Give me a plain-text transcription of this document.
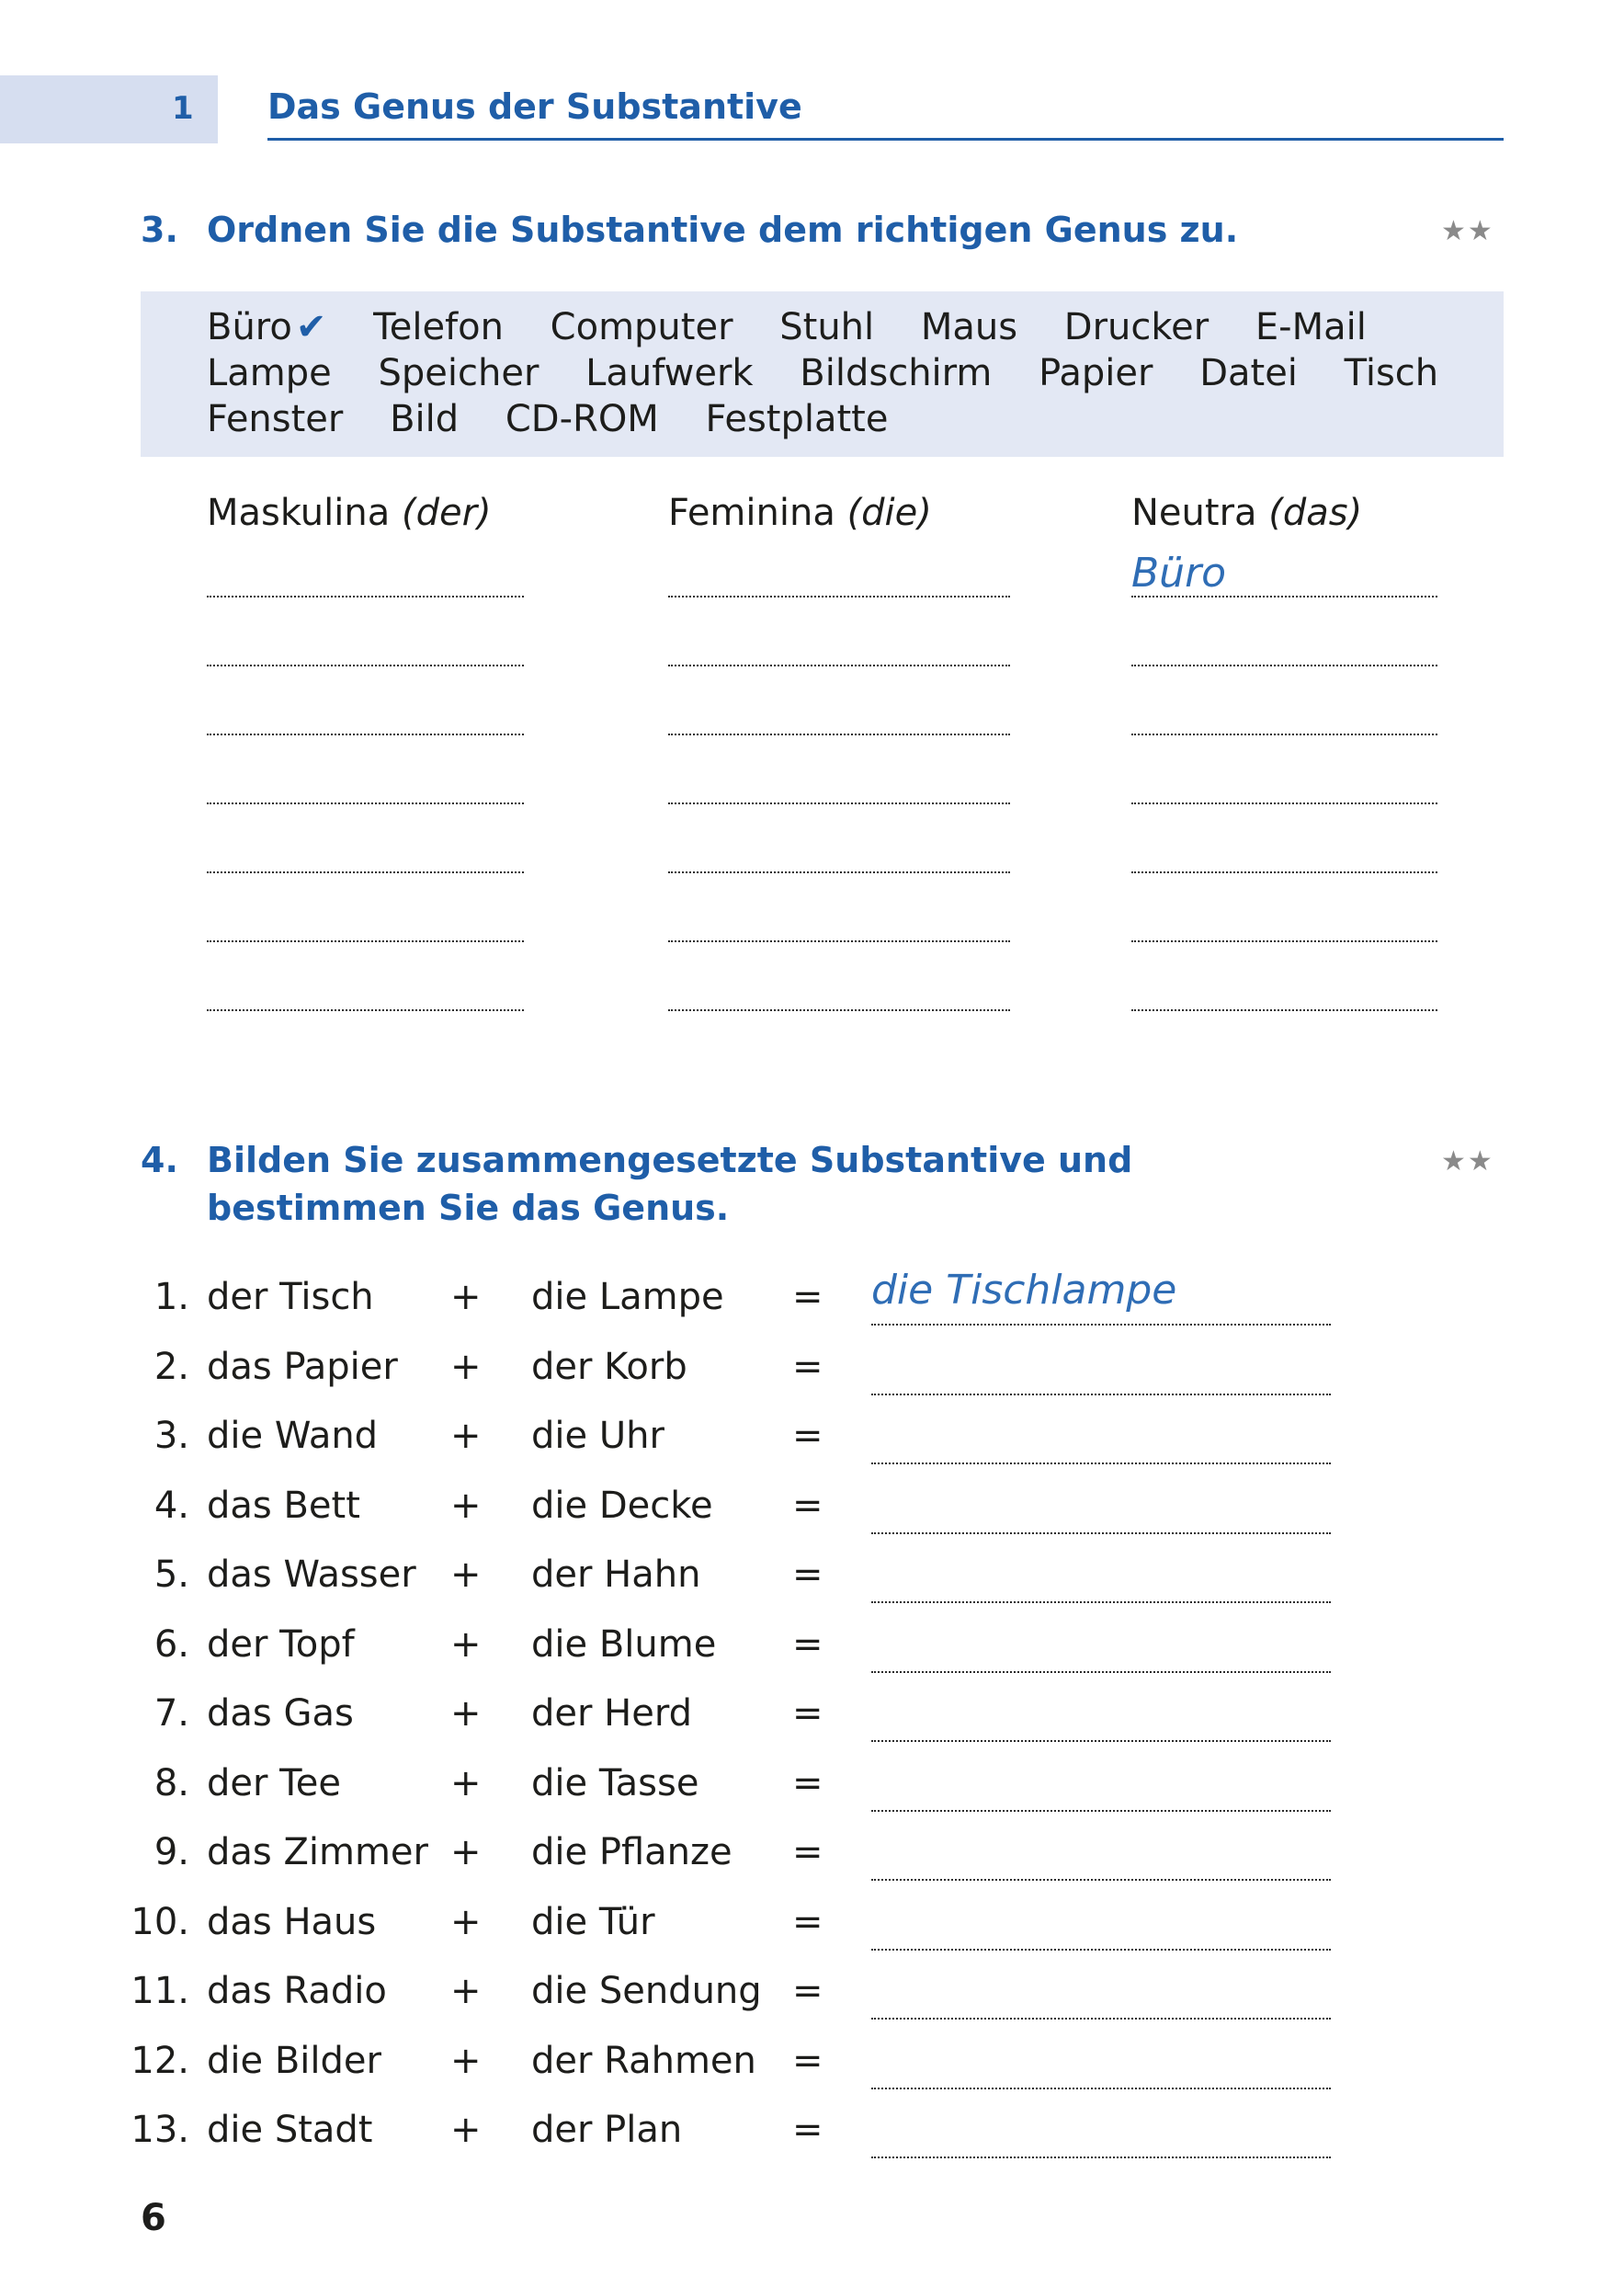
1 Das Genus der Substantive
3. Ordnen Sie die Substantive dem richtigen Genus zu.	★★
Büro ✔ Telefon Computer Stuhl Maus Drucker E-Mail
Lampe Speicher Laufwerk Bildschirm Papier Datei Tisch
Fenster Bild CD-ROM Festplatte
Maskulina (der)	Feminina (die)	Neutra (das)
Büro
4. Bilden Sie zusammengesetzte Substantive und bestimmen Sie das Genus.
★★
1. der Tisch + die Lampe = die Tischlampe
2. das Papier + der Korb	=
3. die Wand + die Uhr	=
4. das Bett + die Decke =
5. das Wasser + der Hahn =
6. der Topf	+ die Blume =
7. das Gas	+ der Herd	=
8. der Tee	+ die Tasse	=
9. das Zimmer + die Pflanze =
10. das Haus + die Tür	=
11. das Radio + die Sendung =
12. die Bilder + der Rahmen =
13. die Stadt + der Plan	=
6
